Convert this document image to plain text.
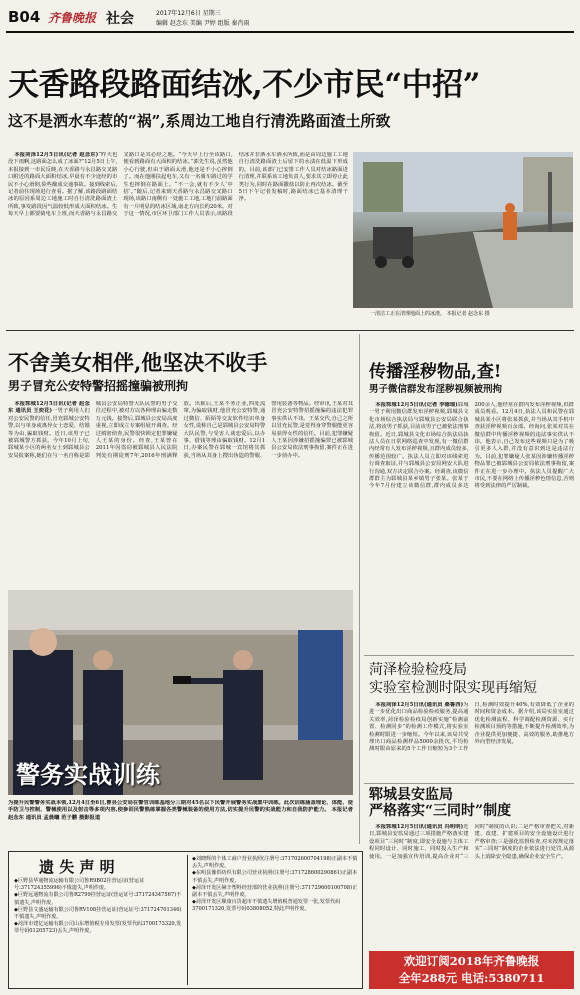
B04 齐鲁晚报 社会	2017年12月6日 星期三
编辑 赵念东 美编 尹婷 组版 秦肖雨
天香路段路面结冰,不少市民“中招”
这不是洒水车惹的“祸”,系周边工地自行清洗路面渣土所致

本报菏泽12月5日讯(记者 赵念东)“昨天也没下雨啊,这路面怎么成了冰面?”12月5日上午,本报接到一市民反映,在天香路与永昌路交叉路口附近的路面大面积结冰,早晨有不少途经的市民不小心滑倒,险些酿成交通事故。接到线索后,记者前往现场进行查看。据了解,该路段路面结冰的原因系周边工地施工时自行清洗路面渣土所致,事发路段因气温较低形成大面积结冰。生每天早上都要骑电车上班,而天香路与永昌路交叉路口是其必经之地。“今天早上行至该路口,便看到路面有大面积的结冰。”郭先生说,虽然他小心行驶,但由于路面太滑,他还是不小心摔倒了。而在他刚扶起电车,又有一名骑车路过的学生也摔倒在路面上。“不一会,就有不少人‘中招’。”随后,记者来到天香路与永昌路交叉路口现场,该路口南侧有一处施工工地,工地门前路面有一片明显的结冰区域,南北方向长约20米。对于这一情况,市区环卫部门工作人员表示,该路段结冰并非洒水车洒水所致,而是由周边施工工地自行清洗路面渣土后留下的水渍在低温下形成的。目前,该部门已安排工作人员对结冰路面进行清理,并联系该工地负责人,要求其立即停止此类行为,同时在路面撒盐以防止再次结冰。截至5日下午记者发稿时,路面结冰已基本清理干净。

一清洁工正在清理地面上的冰渣。 本报记者 赵念东 摄
不舍美女相伴,他坚决不收手
男子冒充公安特警招摇撞骗被刑拘

本报郓城12月5日讯(记者 赵念东 通讯员 王奕花)一男子利用人们对公安民警的信任,冒充郓城公安特警,以与单身或离异女士恋爱、结婚等为由,骗取钱财。近日,该男子已被郓城警方抓获。今年10月上旬,郓城某小区的两名女士到郓城县公安局报案称,她们在与一名自称是郓城县公安局特警大队民警的男子交往过程中,被对方以各种理由骗走数万元钱。接警后,郓城县公安局高度重视,立即成立专案组展开调查。经过缜密侦查,民警很快锁定犯罪嫌疑人王某的身份。经查,王某曾在2011年因盗窃被郓城县人民法院判处有期徒刑7年,2016年刑满释放。出狱后,王某不务正业,四处流窜,为骗取钱财,他冒充公安特警,通过微信、陌陌等交友软件结识单身女性,谎称自己是郓城县公安局特警大队民警,与受害人谈恋爱后,以办事、借钱等理由骗取钱财。12月1日,办案民警在郓城一宾馆将其抓获,当场从其身上搜出伪造的警服、警用装备等物品。经审讯,王某对其冒充公安特警招摇撞骗的违法犯罪事实供认不讳。王某交代,自己之所以冒充民警,是觉得身穿警服能更容易获得女性的信任。目前,犯罪嫌疑人王某因涉嫌招摇撞骗罪已被郓城县公安局依法刑事拘留,案件正在进一步侦办中。

警务实战训练
为提升民警警务实战本领,12月4日至6日,曹县公安局在警官训练基地分三期对45名以下民警开展警务实战集中训练。此次训练涵盖理论、体能、徒手防卫与控制、警械使用以及射击等多项内容,使参训民警熟练掌握各类警械装备的使用方法,切实提升民警的实战能力和自我防护能力。 本报记者 赵念东 通讯员 孟晨曦 范子鹏 摄影报道
传播淫秽物品,查!
男子微信群发布淫秽视频被刑拘

本报郓城12月5日讯(记者 李德瑞)郓城一男子利用微信群发布淫秽视频,郓城县文化市场综合执法局与郓城县公安局联合执法,将该男子抓获,目前该男子已被依法刑事拘留。近日,郓城县文化市场综合执法局执法人员在日常网络巡查中发现,有一微信群内经常有人发布淫秽视频,且群内成员较多,传播范围较广。执法人员立即对该线索进行调查取证,并与郓城县公安局网安大队进行沟通,双方决定联合办案。经调查,该微信群群主为郓城县某乡镇男子张某。张某于今年7月份建立该微信群,群内成员多达200余人,他经常在群内发布淫秽视频,供群成员观看。12月4日,执法人员和民警在郓城县某小区将张某抓获,并当场从其手机中查获淫秽视频百余部。经询问,张某对其在微信群中传播淫秽视频的违法事实供认不讳。他表示,自己发布这些视频只是为了吸引更多人入群,并没有意识到这是违法行为。目前,犯罪嫌疑人张某因涉嫌传播淫秽物品罪已被郓城县公安局依法刑事拘留,案件正在进一步办理中。执法人员提醒广大市民,不要在网络上传播淫秽色情信息,否则将受到法律的严厉制裁。

菏泽检验检疫局
实验室检测时限实现再缩短

本报菏泽12月5日讯(通讯员 桑鲁西)为进一步优化出口商品检验检疫服务,提高通关效率,菏泽检验检疫局创新实施“检测前置、检测同步”的检测工作模式,将实验室检测时限进一步缩短。今年以来,该局共受理出口商品检测样品5000余批次,平均检测时限由原来的5个工作日缩短为3个工作日,检测时效提升40%,有效降低了企业的时间和资金成本。据介绍,该局实验室通过优化检测流程、科学调配检测资源、实行检测项目预约等措施,不断提升检测效率,为企业提供更加便捷、高效的服务,助推地方外向型经济发展。

郓城县安监局
严格落实“三同时”制度

本报郓城12月5日讯(通讯员 冯明明)近日,郓城县安监局通过三项措施严格落实建设项目“三同时”制度,即安全设施与主体工程同时设计、同时施工、同时投入生产和使用。一是加强宣传培训,提高企业对“三同时”制度的认识;二是严格审查把关,对新建、改建、扩建项目的安全设施设计进行严格审查;三是强化监督检查,对未按规定落实“三同时”制度的企业依法进行处罚,从源头上消除安全隐患,确保企业安全生产。

遗 失 声 明
◆巨野县华通物流运输有限公司鲁R9B02挂营运证(营运证号:371724355996)不慎遗失,声明作废。
◆巨野远通物流有限公司鲁R2799挂营运证(营运证号:371724347567)不慎遗失,声明作废。
◆巨野县文盛运输有限公司鲁RV108挂营运证(营运证号:371724701346)不慎遗失,声明作废。
◆菏泽市建亿运输有限公司山东增值税专用发票(发票代码3700173320,发票号码01205723)丢失,声明作废。
◆刘晓辉的个体工商户营业执照(注册号:371702600704198)正副本不慎丢失,声明作废。
◆东明县豫供纺织有限公司营业执照(注册号:371728600290861)正副本不慎丢失,声明作废。
◆菏泽开发区赫辛塑料经营部的营业执照(注册号:371729600100708)正副本不慎丢失,声明作废。
◆菏泽开发区顺康百货超市不慎遗失增值税普通发票一张,发票代码3700171320,发票号码03808052,特此声明作废。
欢迎订阅2018年齐鲁晚报
全年288元 电话:5380711
